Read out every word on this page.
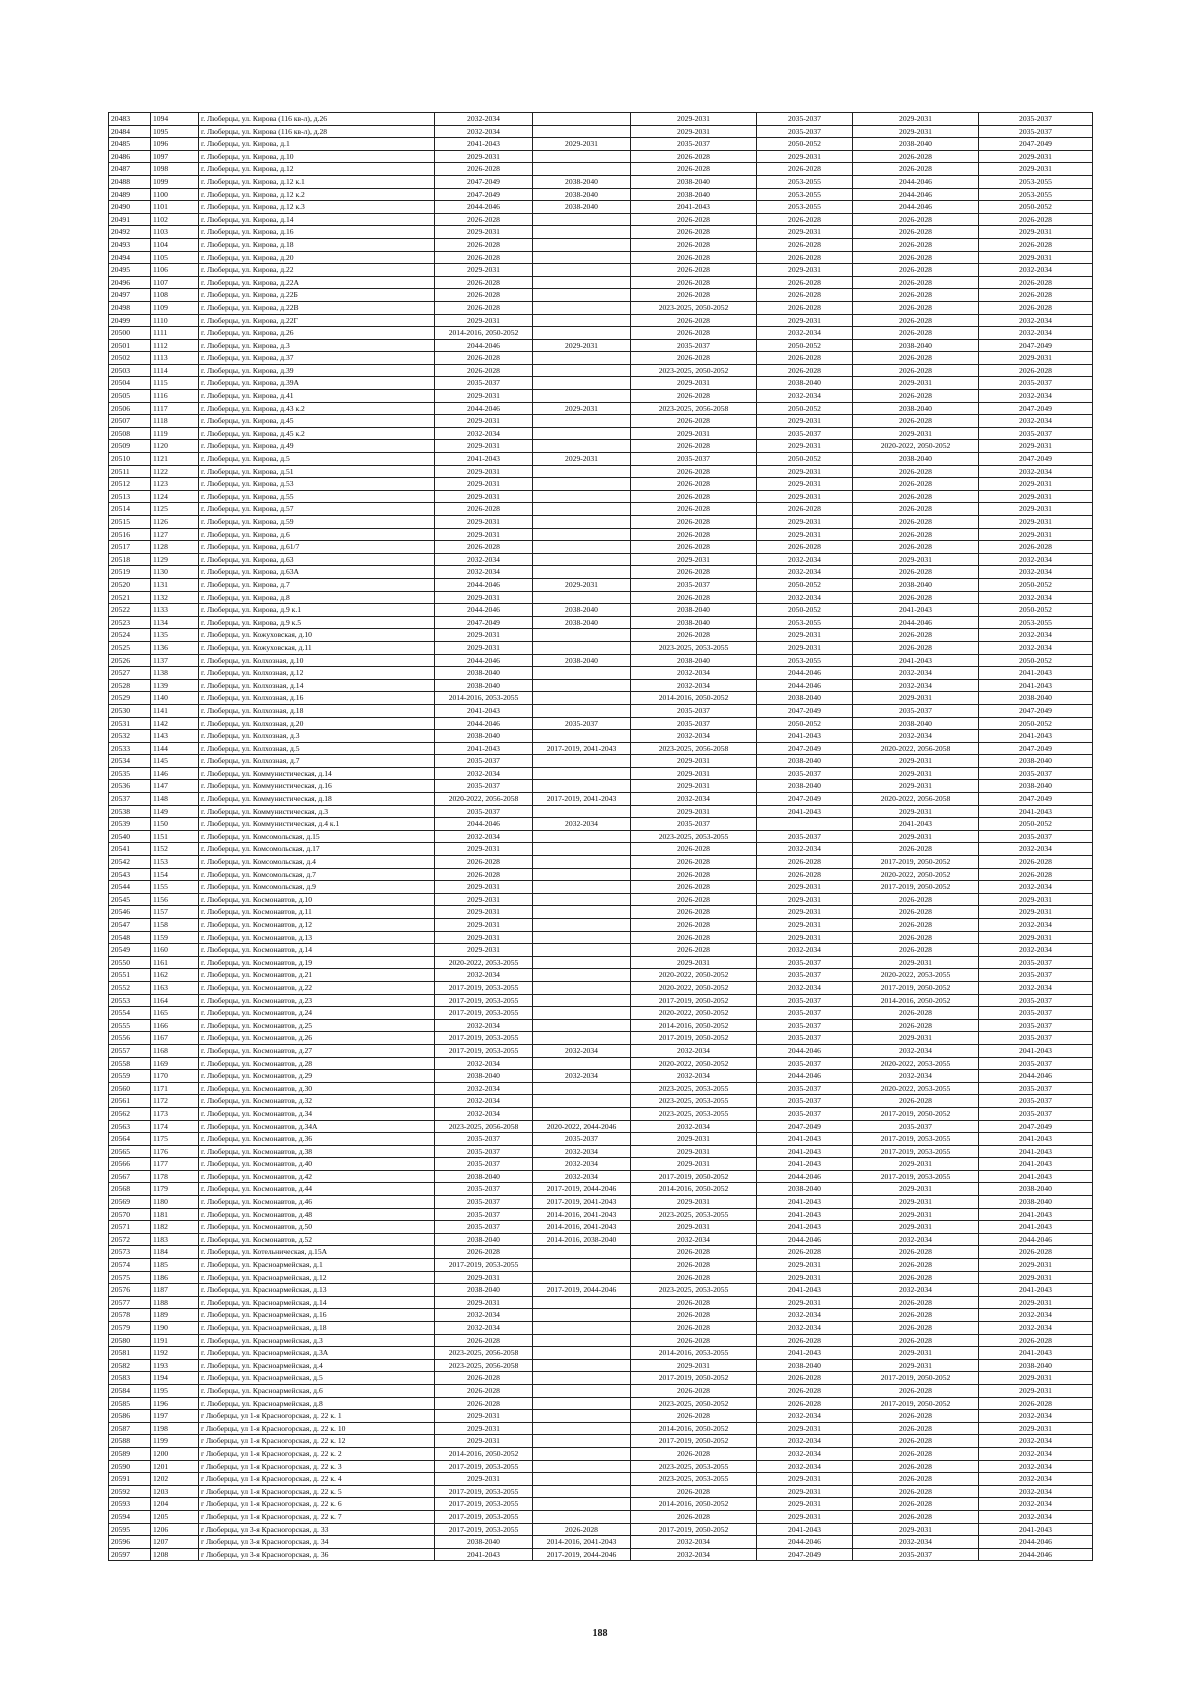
20483	1094	г. Люберцы, ул. Кирова (116 кв-л), д.26	2032-2034		2029-2031	2035-2037	2029-2031	2035-2037
20484	1095	г. Люберцы, ул. Кирова (116 кв-л), д.28	2032-2034		2029-2031	2035-2037	2029-2031	2035-2037
20485	1096	г. Люберцы, ул. Кирова, д.1	2041-2043	2029-2031	2035-2037	2050-2052	2038-2040	2047-2049
20486	1097	г. Люберцы, ул. Кирова, д.10	2029-2031		2026-2028	2029-2031	2026-2028	2029-2031
20487	1098	г. Люберцы, ул. Кирова, д.12	2026-2028		2026-2028	2026-2028	2026-2028	2029-2031
20488	1099	г. Люберцы, ул. Кирова, д.12 к.1	2047-2049	2038-2040	2038-2040	2053-2055	2044-2046	2053-2055
20489	1100	г. Люберцы, ул. Кирова, д.12 к.2	2047-2049	2038-2040	2038-2040	2053-2055	2044-2046	2053-2055
20490	1101	г. Люберцы, ул. Кирова, д.12 к.3	2044-2046	2038-2040	2041-2043	2053-2055	2044-2046	2050-2052
20491	1102	г. Люберцы, ул. Кирова, д.14	2026-2028		2026-2028	2026-2028	2026-2028	2026-2028
20492	1103	г. Люберцы, ул. Кирова, д.16	2029-2031		2026-2028	2029-2031	2026-2028	2029-2031
20493	1104	г. Люберцы, ул. Кирова, д.18	2026-2028		2026-2028	2026-2028	2026-2028	2026-2028
20494	1105	г. Люберцы, ул. Кирова, д.20	2026-2028		2026-2028	2026-2028	2026-2028	2029-2031
20495	1106	г. Люберцы, ул. Кирова, д.22	2029-2031		2026-2028	2029-2031	2026-2028	2032-2034
20496	1107	г. Люберцы, ул. Кирова, д.22А	2026-2028		2026-2028	2026-2028	2026-2028	2026-2028
20497	1108	г. Люберцы, ул. Кирова, д.22Б	2026-2028		2026-2028	2026-2028	2026-2028	2026-2028
20498	1109	г. Люберцы, ул. Кирова, д.22В	2026-2028		2023-2025, 2050-2052	2026-2028	2026-2028	2026-2028
20499	1110	г. Люберцы, ул. Кирова, д.22Г	2029-2031		2026-2028	2029-2031	2026-2028	2032-2034
20500	1111	г. Люберцы, ул. Кирова, д.26	2014-2016, 2050-2052		2026-2028	2032-2034	2026-2028	2032-2034
20501	1112	г. Люберцы, ул. Кирова, д.3	2044-2046	2029-2031	2035-2037	2050-2052	2038-2040	2047-2049
20502	1113	г. Люберцы, ул. Кирова, д.37	2026-2028		2026-2028	2026-2028	2026-2028	2029-2031
20503	1114	г. Люберцы, ул. Кирова, д.39	2026-2028		2023-2025, 2050-2052	2026-2028	2026-2028	2026-2028
20504	1115	г. Люберцы, ул. Кирова, д.39А	2035-2037		2029-2031	2038-2040	2029-2031	2035-2037
20505	1116	г. Люберцы, ул. Кирова, д.41	2029-2031		2026-2028	2032-2034	2026-2028	2032-2034
20506	1117	г. Люберцы, ул. Кирова, д.43 к.2	2044-2046	2029-2031	2023-2025, 2056-2058	2050-2052	2038-2040	2047-2049
20507	1118	г. Люберцы, ул. Кирова, д.45	2029-2031		2026-2028	2029-2031	2026-2028	2032-2034
20508	1119	г. Люберцы, ул. Кирова, д.45 к.2	2032-2034		2029-2031	2035-2037	2029-2031	2035-2037
20509	1120	г. Люберцы, ул. Кирова, д.49	2029-2031		2026-2028	2029-2031	2020-2022, 2050-2052	2029-2031
20510	1121	г. Люберцы, ул. Кирова, д.5	2041-2043	2029-2031	2035-2037	2050-2052	2038-2040	2047-2049
20511	1122	г. Люберцы, ул. Кирова, д.51	2029-2031		2026-2028	2029-2031	2026-2028	2032-2034
20512	1123	г. Люберцы, ул. Кирова, д.53	2029-2031		2026-2028	2029-2031	2026-2028	2029-2031
20513	1124	г. Люберцы, ул. Кирова, д.55	2029-2031		2026-2028	2029-2031	2026-2028	2029-2031
20514	1125	г. Люберцы, ул. Кирова, д.57	2026-2028		2026-2028	2026-2028	2026-2028	2029-2031
20515	1126	г. Люберцы, ул. Кирова, д.59	2029-2031		2026-2028	2029-2031	2026-2028	2029-2031
20516	1127	г. Люберцы, ул. Кирова, д.6	2029-2031		2026-2028	2029-2031	2026-2028	2029-2031
20517	1128	г. Люберцы, ул. Кирова, д.61/7	2026-2028		2026-2028	2026-2028	2026-2028	2026-2028
20518	1129	г. Люберцы, ул. Кирова, д.63	2032-2034		2029-2031	2032-2034	2029-2031	2032-2034
20519	1130	г. Люберцы, ул. Кирова, д.63А	2032-2034		2026-2028	2032-2034	2026-2028	2032-2034
20520	1131	г. Люберцы, ул. Кирова, д.7	2044-2046	2029-2031	2035-2037	2050-2052	2038-2040	2050-2052
20521	1132	г. Люберцы, ул. Кирова, д.8	2029-2031		2026-2028	2032-2034	2026-2028	2032-2034
20522	1133	г. Люберцы, ул. Кирова, д.9 к.1	2044-2046	2038-2040	2038-2040	2050-2052	2041-2043	2050-2052
20523	1134	г. Люберцы, ул. Кирова, д.9 к.5	2047-2049	2038-2040	2038-2040	2053-2055	2044-2046	2053-2055
20524	1135	г. Люберцы, ул. Кожуховская, д.10	2029-2031		2026-2028	2029-2031	2026-2028	2032-2034
20525	1136	г. Люберцы, ул. Кожуховская, д.11	2029-2031		2023-2025, 2053-2055	2029-2031	2026-2028	2032-2034
20526	1137	г. Люберцы, ул. Колхозная, д.10	2044-2046	2038-2040	2038-2040	2053-2055	2041-2043	2050-2052
20527	1138	г. Люберцы, ул. Колхозная, д.12	2038-2040		2032-2034	2044-2046	2032-2034	2041-2043
20528	1139	г. Люберцы, ул. Колхозная, д.14	2038-2040		2032-2034	2044-2046	2032-2034	2041-2043
20529	1140	г. Люберцы, ул. Колхозная, д.16	2014-2016, 2053-2055		2014-2016, 2050-2052	2038-2040	2029-2031	2038-2040
20530	1141	г. Люберцы, ул. Колхозная, д.18	2041-2043		2035-2037	2047-2049	2035-2037	2047-2049
20531	1142	г. Люберцы, ул. Колхозная, д.20	2044-2046	2035-2037	2035-2037	2050-2052	2038-2040	2050-2052
20532	1143	г. Люберцы, ул. Колхозная, д.3	2038-2040		2032-2034	2041-2043	2032-2034	2041-2043
20533	1144	г. Люберцы, ул. Колхозная, д.5	2041-2043	2017-2019, 2041-2043	2023-2025, 2056-2058	2047-2049	2020-2022, 2056-2058	2047-2049
20534	1145	г. Люберцы, ул. Колхозная, д.7	2035-2037		2029-2031	2038-2040	2029-2031	2038-2040
20535	1146	г. Люберцы, ул. Коммунистическая, д.14	2032-2034		2029-2031	2035-2037	2029-2031	2035-2037
20536	1147	г. Люберцы, ул. Коммунистическая, д.16	2035-2037		2029-2031	2038-2040	2029-2031	2038-2040
20537	1148	г. Люберцы, ул. Коммунистическая, д.18	2020-2022, 2056-2058	2017-2019, 2041-2043	2032-2034	2047-2049	2020-2022, 2056-2058	2047-2049
20538	1149	г. Люберцы, ул. Коммунистическая, д.3	2035-2037		2029-2031	2041-2043	2029-2031	2041-2043
20539	1150	г. Люберцы, ул. Коммунистическая, д.4 к.1	2044-2046	2032-2034	2035-2037		2041-2043	2050-2052
20540	1151	г. Люберцы, ул. Комсомольская, д.15	2032-2034		2023-2025, 2053-2055	2035-2037	2029-2031	2035-2037
20541	1152	г. Люберцы, ул. Комсомольская, д.17	2029-2031		2026-2028	2032-2034	2026-2028	2032-2034
20542	1153	г. Люберцы, ул. Комсомольская, д.4	2026-2028		2026-2028	2026-2028	2017-2019, 2050-2052	2026-2028
20543	1154	г. Люберцы, ул. Комсомольская, д.7	2026-2028		2026-2028	2026-2028	2020-2022, 2050-2052	2026-2028
20544	1155	г. Люберцы, ул. Комсомольская, д.9	2029-2031		2026-2028	2029-2031	2017-2019, 2050-2052	2032-2034
20545	1156	г. Люберцы, ул. Космонавтов, д.10	2029-2031		2026-2028	2029-2031	2026-2028	2029-2031
20546	1157	г. Люберцы, ул. Космонавтов, д.11	2029-2031		2026-2028	2029-2031	2026-2028	2029-2031
20547	1158	г. Люберцы, ул. Космонавтов, д.12	2029-2031		2026-2028	2029-2031	2026-2028	2032-2034
20548	1159	г. Люберцы, ул. Космонавтов, д.13	2029-2031		2026-2028	2029-2031	2026-2028	2029-2031
20549	1160	г. Люберцы, ул. Космонавтов, д.14	2029-2031		2026-2028	2032-2034	2026-2028	2032-2034
20550	1161	г. Люберцы, ул. Космонавтов, д.19	2020-2022, 2053-2055		2029-2031	2035-2037	2029-2031	2035-2037
20551	1162	г. Люберцы, ул. Космонавтов, д.21	2032-2034		2020-2022, 2050-2052	2035-2037	2020-2022, 2053-2055	2035-2037
20552	1163	г. Люберцы, ул. Космонавтов, д.22	2017-2019, 2053-2055		2020-2022, 2050-2052	2032-2034	2017-2019, 2050-2052	2032-2034
20553	1164	г. Люберцы, ул. Космонавтов, д.23	2017-2019, 2053-2055		2017-2019, 2050-2052	2035-2037	2014-2016, 2050-2052	2035-2037
20554	1165	г. Люберцы, ул. Космонавтов, д.24	2017-2019, 2053-2055		2020-2022, 2050-2052	2035-2037	2026-2028	2035-2037
20555	1166	г. Люберцы, ул. Космонавтов, д.25	2032-2034		2014-2016, 2050-2052	2035-2037	2026-2028	2035-2037
20556	1167	г. Люберцы, ул. Космонавтов, д.26	2017-2019, 2053-2055		2017-2019, 2050-2052	2035-2037	2029-2031	2035-2037
20557	1168	г. Люберцы, ул. Космонавтов, д.27	2017-2019, 2053-2055	2032-2034	2032-2034	2044-2046	2032-2034	2041-2043
20558	1169	г. Люберцы, ул. Космонавтов, д.28	2032-2034		2020-2022, 2050-2052	2035-2037	2020-2022, 2053-2055	2035-2037
20559	1170	г. Люберцы, ул. Космонавтов, д.29	2038-2040	2032-2034	2032-2034	2044-2046	2032-2034	2044-2046
20560	1171	г. Люберцы, ул. Космонавтов, д.30	2032-2034		2023-2025, 2053-2055	2035-2037	2020-2022, 2053-2055	2035-2037
20561	1172	г. Люберцы, ул. Космонавтов, д.32	2032-2034		2023-2025, 2053-2055	2035-2037	2026-2028	2035-2037
20562	1173	г. Люберцы, ул. Космонавтов, д.34	2032-2034		2023-2025, 2053-2055	2035-2037	2017-2019, 2050-2052	2035-2037
20563	1174	г. Люберцы, ул. Космонавтов, д.34А	2023-2025, 2056-2058	2020-2022, 2044-2046	2032-2034	2047-2049	2035-2037	2047-2049
20564	1175	г. Люберцы, ул. Космонавтов, д.36	2035-2037	2035-2037	2029-2031	2041-2043	2017-2019, 2053-2055	2041-2043
20565	1176	г. Люберцы, ул. Космонавтов, д.38	2035-2037	2032-2034	2029-2031	2041-2043	2017-2019, 2053-2055	2041-2043
20566	1177	г. Люберцы, ул. Космонавтов, д.40	2035-2037	2032-2034	2029-2031	2041-2043	2029-2031	2041-2043
20567	1178	г. Люберцы, ул. Космонавтов, д.42	2038-2040	2032-2034	2017-2019, 2050-2052	2044-2046	2017-2019, 2053-2055	2041-2043
20568	1179	г. Люберцы, ул. Космонавтов, д.44	2035-2037	2017-2019, 2044-2046	2014-2016, 2050-2052	2038-2040	2029-2031	2038-2040
20569	1180	г. Люберцы, ул. Космонавтов, д.46	2035-2037	2017-2019, 2041-2043	2029-2031	2041-2043	2029-2031	2038-2040
20570	1181	г. Люберцы, ул. Космонавтов, д.48	2035-2037	2014-2016, 2041-2043	2023-2025, 2053-2055	2041-2043	2029-2031	2041-2043
20571	1182	г. Люберцы, ул. Космонавтов, д.50	2035-2037	2014-2016, 2041-2043	2029-2031	2041-2043	2029-2031	2041-2043
20572	1183	г. Люберцы, ул. Космонавтов, д.52	2038-2040	2014-2016, 2038-2040	2032-2034	2044-2046	2032-2034	2044-2046
20573	1184	г. Люберцы, ул. Котельническая, д.15А	2026-2028		2026-2028	2026-2028	2026-2028	2026-2028
20574	1185	г. Люберцы, ул. Красноармейская, д.1	2017-2019, 2053-2055		2026-2028	2029-2031	2026-2028	2029-2031
20575	1186	г. Люберцы, ул. Красноармейская, д.12	2029-2031		2026-2028	2029-2031	2026-2028	2029-2031
20576	1187	г. Люберцы, ул. Красноармейская, д.13	2038-2040	2017-2019, 2044-2046	2023-2025, 2053-2055	2041-2043	2032-2034	2041-2043
20577	1188	г. Люберцы, ул. Красноармейская, д.14	2029-2031		2026-2028	2029-2031	2026-2028	2029-2031
20578	1189	г. Люберцы, ул. Красноармейская, д.16	2032-2034		2026-2028	2032-2034	2026-2028	2032-2034
20579	1190	г. Люберцы, ул. Красноармейская, д.18	2032-2034		2026-2028	2032-2034	2026-2028	2032-2034
20580	1191	г. Люберцы, ул. Красноармейская, д.3	2026-2028		2026-2028	2026-2028	2026-2028	2026-2028
20581	1192	г. Люберцы, ул. Красноармейская, д.3А	2023-2025, 2056-2058		2014-2016, 2053-2055	2041-2043	2029-2031	2041-2043
20582	1193	г. Люберцы, ул. Красноармейская, д.4	2023-2025, 2056-2058		2029-2031	2038-2040	2029-2031	2038-2040
20583	1194	г. Люберцы, ул. Красноармейская, д.5	2026-2028		2017-2019, 2050-2052	2026-2028	2017-2019, 2050-2052	2029-2031
20584	1195	г. Люберцы, ул. Красноармейская, д.6	2026-2028		2026-2028	2026-2028	2026-2028	2029-2031
20585	1196	г. Люберцы, ул. Красноармейская, д.8	2026-2028		2023-2025, 2050-2052	2026-2028	2017-2019, 2050-2052	2026-2028
20586	1197	г Люберцы, ул 1-я Красногорская, д. 22 к. 1	2029-2031		2026-2028	2032-2034	2026-2028	2032-2034
20587	1198	г Люберцы, ул 1-я Красногорская, д. 22 к. 10	2029-2031		2014-2016, 2050-2052	2029-2031	2026-2028	2029-2031
20588	1199	г Люберцы, ул 1-я Красногорская, д. 22 к. 12	2029-2031		2017-2019, 2050-2052	2032-2034	2026-2028	2032-2034
20589	1200	г Люберцы, ул 1-я Красногорская, д. 22 к. 2	2014-2016, 2050-2052		2026-2028	2032-2034	2026-2028	2032-2034
20590	1201	г Люберцы, ул 1-я Красногорская, д. 22 к. 3	2017-2019, 2053-2055		2023-2025, 2053-2055	2032-2034	2026-2028	2032-2034
20591	1202	г Люберцы, ул 1-я Красногорская, д. 22 к. 4	2029-2031		2023-2025, 2053-2055	2029-2031	2026-2028	2032-2034
20592	1203	г Люберцы, ул 1-я Красногорская, д. 22 к. 5	2017-2019, 2053-2055		2026-2028	2029-2031	2026-2028	2032-2034
20593	1204	г Люберцы, ул 1-я Красногорская, д. 22 к. 6	2017-2019, 2053-2055		2014-2016, 2050-2052	2029-2031	2026-2028	2032-2034
20594	1205	г Люберцы, ул 1-я Красногорская, д. 22 к. 7	2017-2019, 2053-2055		2026-2028	2029-2031	2026-2028	2032-2034
20595	1206	г Люберцы, ул 3-я Красногорская, д. 33	2017-2019, 2053-2055	2026-2028	2017-2019, 2050-2052	2041-2043	2029-2031	2041-2043
20596	1207	г Люберцы, ул 3-я Красногорская, д. 34	2038-2040	2014-2016, 2041-2043	2032-2034	2044-2046	2032-2034	2044-2046
20597	1208	г Люберцы, ул 3-я Красногорская, д. 36	2041-2043	2017-2019, 2044-2046	2032-2034	2047-2049	2035-2037	2044-2046
188
